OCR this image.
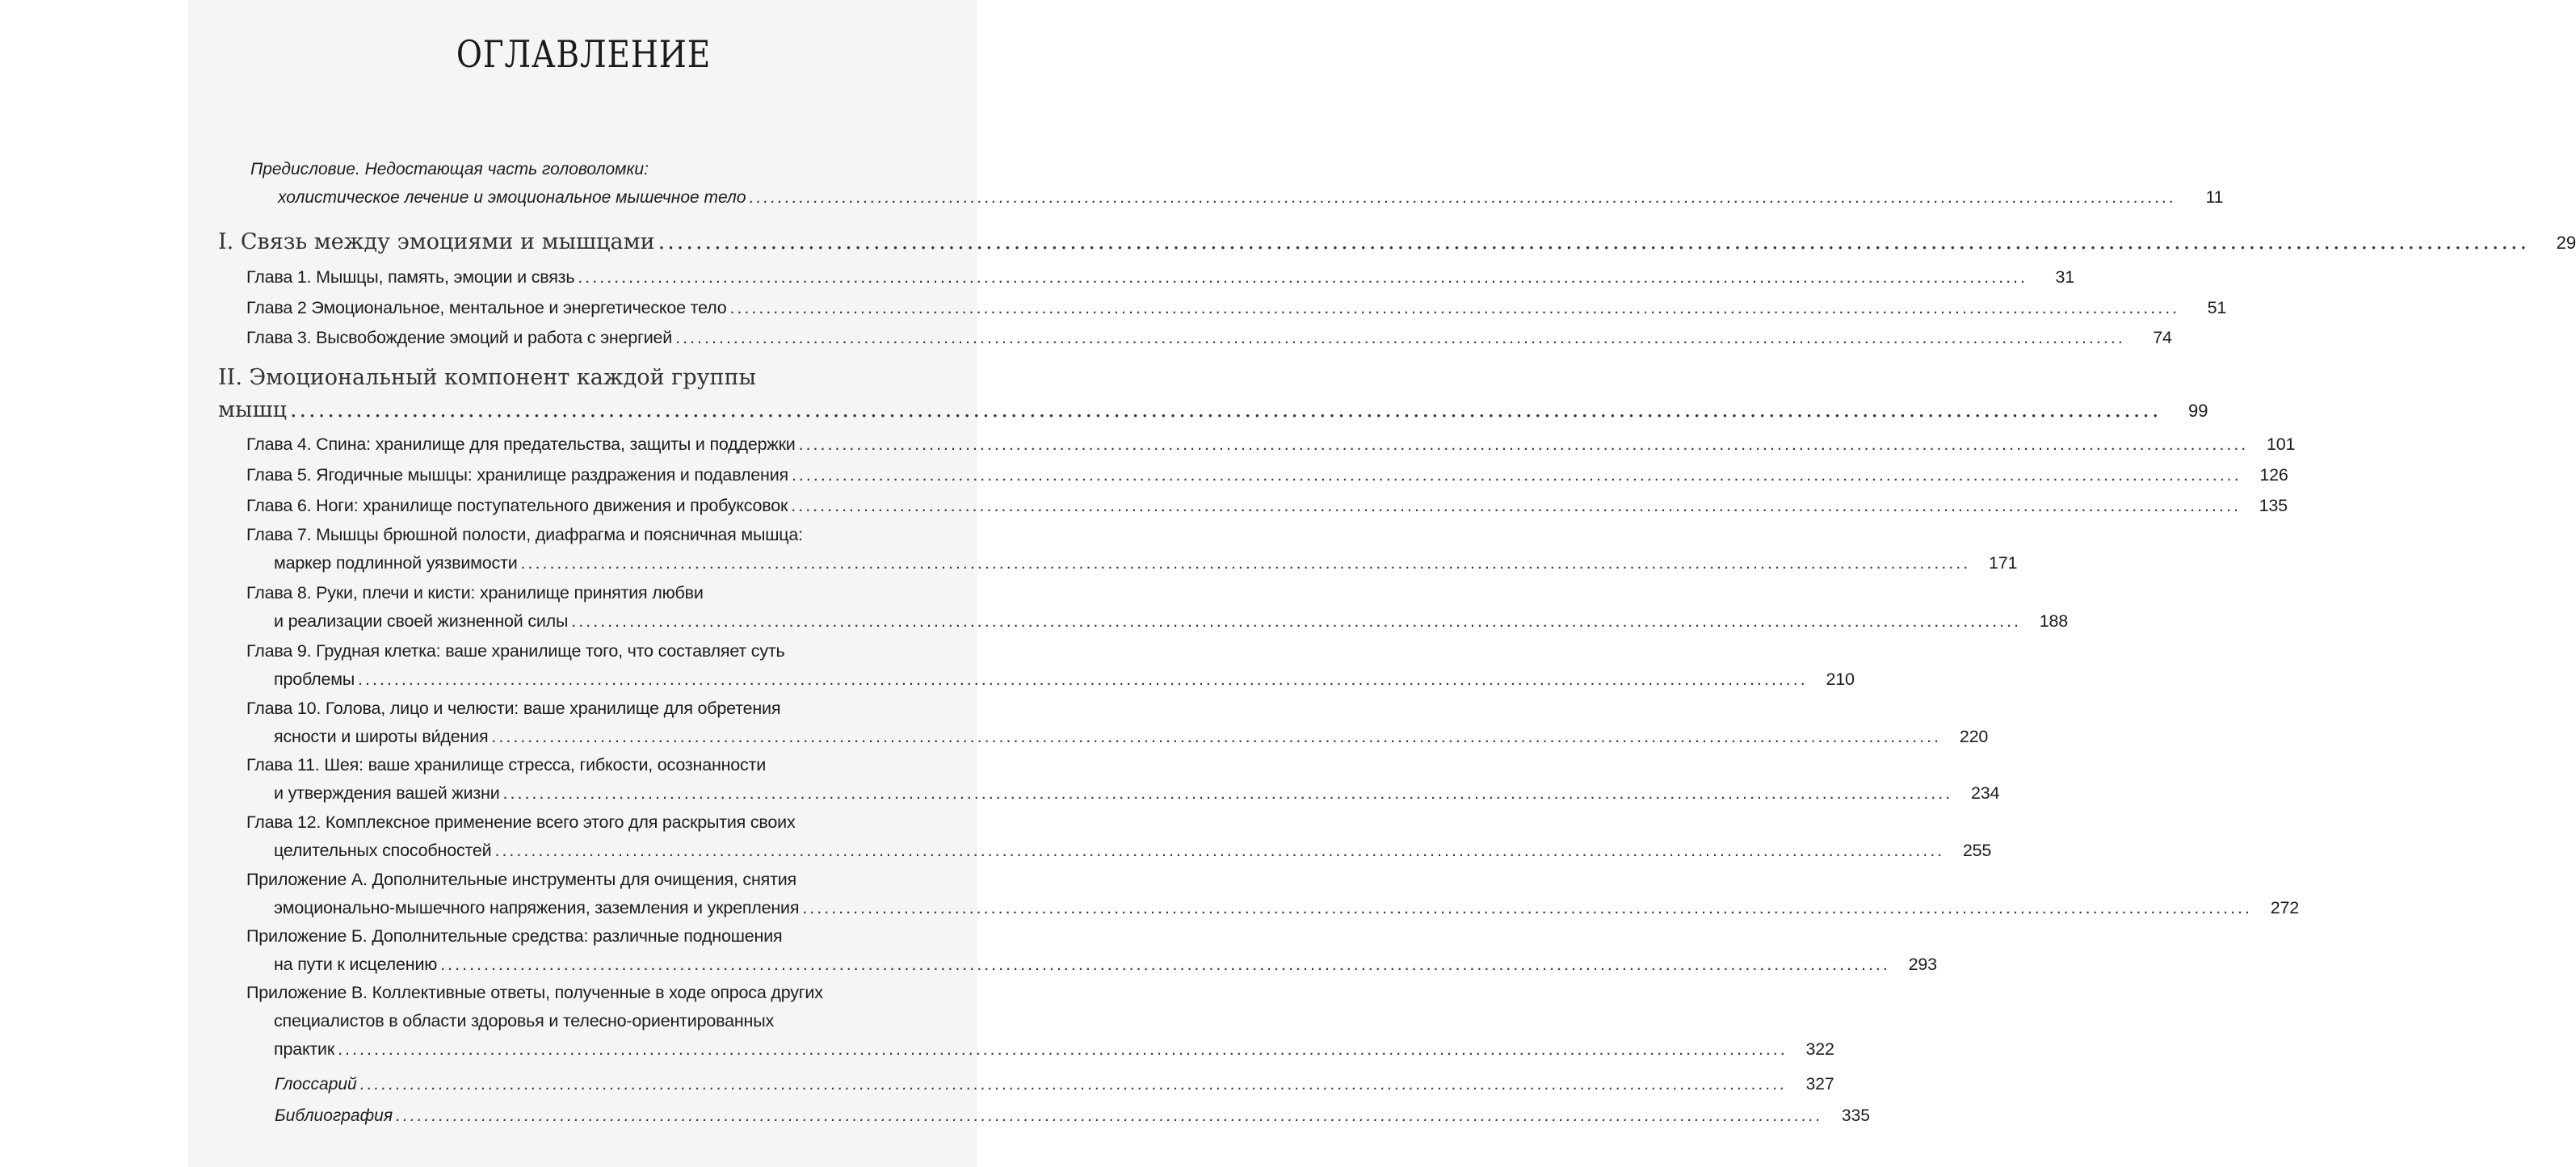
ОГЛАВЛЕНИЕ
Предисловие. Недостающая часть головоломки:
холистическое лечение и эмоциональное мышечное тело ........................................................................................................................................................................................................	11
I. Связь между эмоциями и мышцами ........................................................................................................................................................................................................	29
Глава 1. Мышцы, память, эмоции и связь ........................................................................................................................................................................................................	31
Глава 2 Эмоциональное, ментальное и энергетическое тело ........................................................................................................................................................................................................	51
Глава 3. Высвобождение эмоций и работа с энергией ........................................................................................................................................................................................................	74
II. Эмоциональный компонент каждой группы
мышц ........................................................................................................................................................................................................	99
Глава 4. Спина: хранилище для предательства, защиты и поддержки ........................................................................................................................................................................................................	101
Глава 5. Ягодичные мышцы: хранилище раздражения и подавления ........................................................................................................................................................................................................	126
Глава 6. Ноги: хранилище поступательного движения и пробуксовок ........................................................................................................................................................................................................	135
Глава 7. Мышцы брюшной полости, диафрагма и поясничная мышца:
маркер подлинной уязвимости ........................................................................................................................................................................................................	171
Глава 8. Руки, плечи и кисти: хранилище принятия любви
и реализации своей жизненной силы ........................................................................................................................................................................................................	188
Глава 9. Грудная клетка: ваше хранилище того, что составляет суть
проблемы ........................................................................................................................................................................................................	210
Глава 10. Голова, лицо и челюсти: ваше хранилище для обретения
ясности и широты ви́дения ........................................................................................................................................................................................................	220
Глава 11. Шея: ваше хранилище стресса, гибкости, осознанности
и утверждения вашей жизни ........................................................................................................................................................................................................	234
Глава 12. Комплексное применение всего этого для раскрытия своих
целительных способностей ........................................................................................................................................................................................................	255
Приложение А. Дополнительные инструменты для очищения, снятия
эмоционально-мышечного напряжения, заземления и укрепления ........................................................................................................................................................................................................	272
Приложение Б. Дополнительные средства: различные подношения
на пути к исцелению ........................................................................................................................................................................................................	293
Приложение В. Коллективные ответы, полученные в ходе опроса других
специалистов в области здоровья и телесно-ориентированных
практик ........................................................................................................................................................................................................	322
Глоссарий ........................................................................................................................................................................................................	327
Библиография ........................................................................................................................................................................................................	335
